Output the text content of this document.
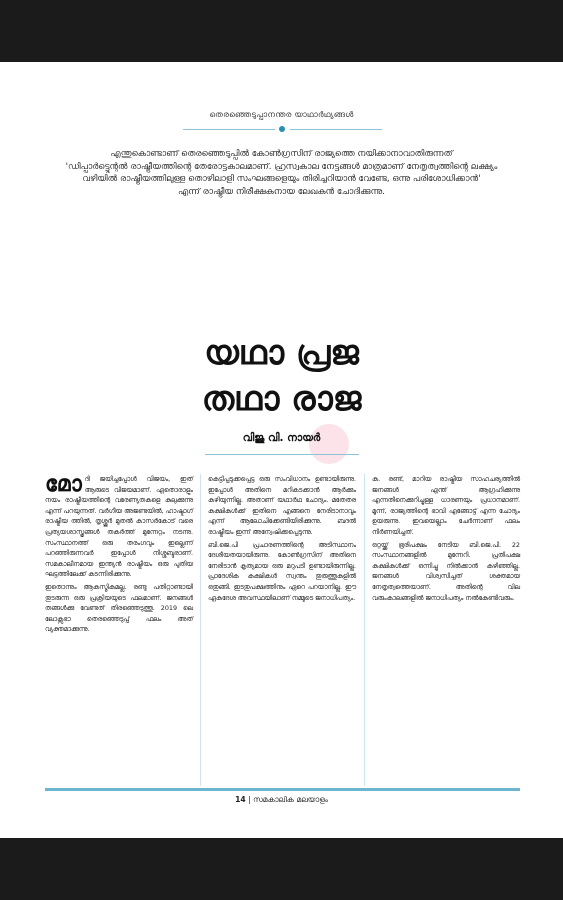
തെരഞ്ഞെടുപ്പാനന്തര യാഥാർഥ്യങ്ങൾ
എന്തുകൊണ്ടാണ് തെരഞ്ഞെടുപ്പിൽ കോൺഗ്രസിന് രാജ്യത്തെ നയിക്കാനാവാതിരുന്നത്
'ഡിപ്പാർട്ട്മെന്റൽ രാഷ്ട്രീയത്തിന്റെ തേരോട്ടകാലമാണ്. ഹ്രസ്വകാല നേട്ടങ്ങൾ മാത്രമാണ് നേതൃത്വത്തിന്റെ ലക്ഷ്യം
വഴിയിൽ രാഷ്ട്രീയത്തിലുള്ള തൊഴിലാളി സംഘങ്ങളെയും തിരിച്ചറിയാൻ വേണ്ടേ, ഒന്നു പരിശോധിക്കാൻ'
എന്ന് രാഷ്ട്രീയ നിരീക്ഷകനായ ലേഖകൻ ചോദിക്കുന്നു.
യഥാ പ്രജ
തഥാ രാജ
വിജു വി. നായർ

മോദി ജയിച്ചപ്പോൾ വിജയം, ഇത് ആരുടെ വിജയമാണ്. ഏതൊരാളും നയം രാഷ്ട്രീയത്തിന്റെ വരേണ്യതകളെ കുലുക്കുന്നു എന്ന് പറയുന്നത്. വർഗീയ അജണ്ടയിൽ, ഹാഷ്ടാഗ് രാഷ്ട്രീയ ത്തിൽ, തൃശ്ശൂർ മുതൽ കാസർകോട് വരെ പ്രത്യയശാസ്ത്രങ്ങൾ തകർത്ത് മുന്നേറ്റം നടന്നു. സംസ്ഥാനത്ത് ഒരു തരംഗവും ഇല്ലെന്ന് പറഞ്ഞിരുന്നവർ ഇപ്പോൾ നിശ്ശബ്ദരാണ്. സമകാലീനമായ ഇന്ത്യൻ രാഷ്ട്രീയം ഒരു പുതിയ ഘട്ടത്തിലേക്ക് കടന്നിരിക്കുന്നു.

ഇതൊന്നും ആകസ്മികമല്ല. രണ്ടു പതിറ്റാണ്ടായി തുടരുന്ന ഒരു പ്രക്രിയയുടെ ഫലമാണ്. ജനങ്ങൾ തങ്ങൾക്കു വേണ്ടത് തിരഞ്ഞെടുത്തു. 2019 ലെ ലോക്സഭാ തെരഞ്ഞെടുപ്പ് ഫലം അത് വ്യക്തമാക്കുന്നു.

കെട്ടിപ്പടുക്കപ്പെട്ട ഒരു സംവിധാനം ഉണ്ടായിരുന്നു. ഇപ്പോൾ അതിനെ മറികടക്കാൻ ആർക്കും കഴിയുന്നില്ല. അതാണ് യഥാർഥ ചോദ്യം. മതേതര കക്ഷികൾക്ക് ഇതിനെ എങ്ങനെ നേരിടാനാവും എന്ന് ആലോചിക്കേണ്ടിയിരിക്കുന്നു. ബദൽ രാഷ്ട്രീയം ഇന്ന് അന്വേഷിക്കപ്പെടുന്നു.

ബി.ജെ.പി പ്രചാരണത്തിന്റെ അടിസ്ഥാനം ദേശീയതയായിരുന്നു. കോൺഗ്രസിന് അതിനെ നേരിടാൻ കൃത്യമായ ഒരു മറുപടി ഉണ്ടായിരുന്നില്ല. പ്രാദേശിക കക്ഷികൾ സ്വന്തം തുരുത്തുകളിൽ ഒതുങ്ങി. ഇടതുപക്ഷത്തിനും ഏറെ പറയാനില്ല. ഈ ഏകദേശ അവസ്ഥയിലാണ് നമ്മുടെ ജനാധിപത്യം.

ക. രണ്ട്, മാറിയ രാഷ്ട്രീയ സാഹചര്യത്തിൽ ജനങ്ങൾ എന്ത് ആഗ്രഹിക്കുന്നു എന്നതിനെക്കുറിച്ചുള്ള ധാരണയും പ്രധാനമാണ്. മൂന്ന്, രാജ്യത്തിന്റെ ഭാവി എങ്ങോട്ട് എന്ന ചോദ്യം ഉയരുന്നു. ഇവയെല്ലാം ചേർന്നാണ് ഫലം നിർണയിച്ചത്.

ഒറ്റയ്ക്ക് ഭൂരിപക്ഷം നേടിയ ബി.ജെ.പി. 22 സംസ്ഥാനങ്ങളിൽ മുന്നേറി. പ്രതിപക്ഷ കക്ഷികൾക്ക് ഒന്നിച്ചു നിൽക്കാൻ കഴിഞ്ഞില്ല. ജനങ്ങൾ വിശ്വസിച്ചത് ശക്തമായ നേതൃത്വത്തെയാണ്. അതിന്റെ വില വരുംകാലങ്ങളിൽ ജനാധിപത്യം നൽകേണ്ടിവരും.

14 | സമകാലിക മലയാളം
